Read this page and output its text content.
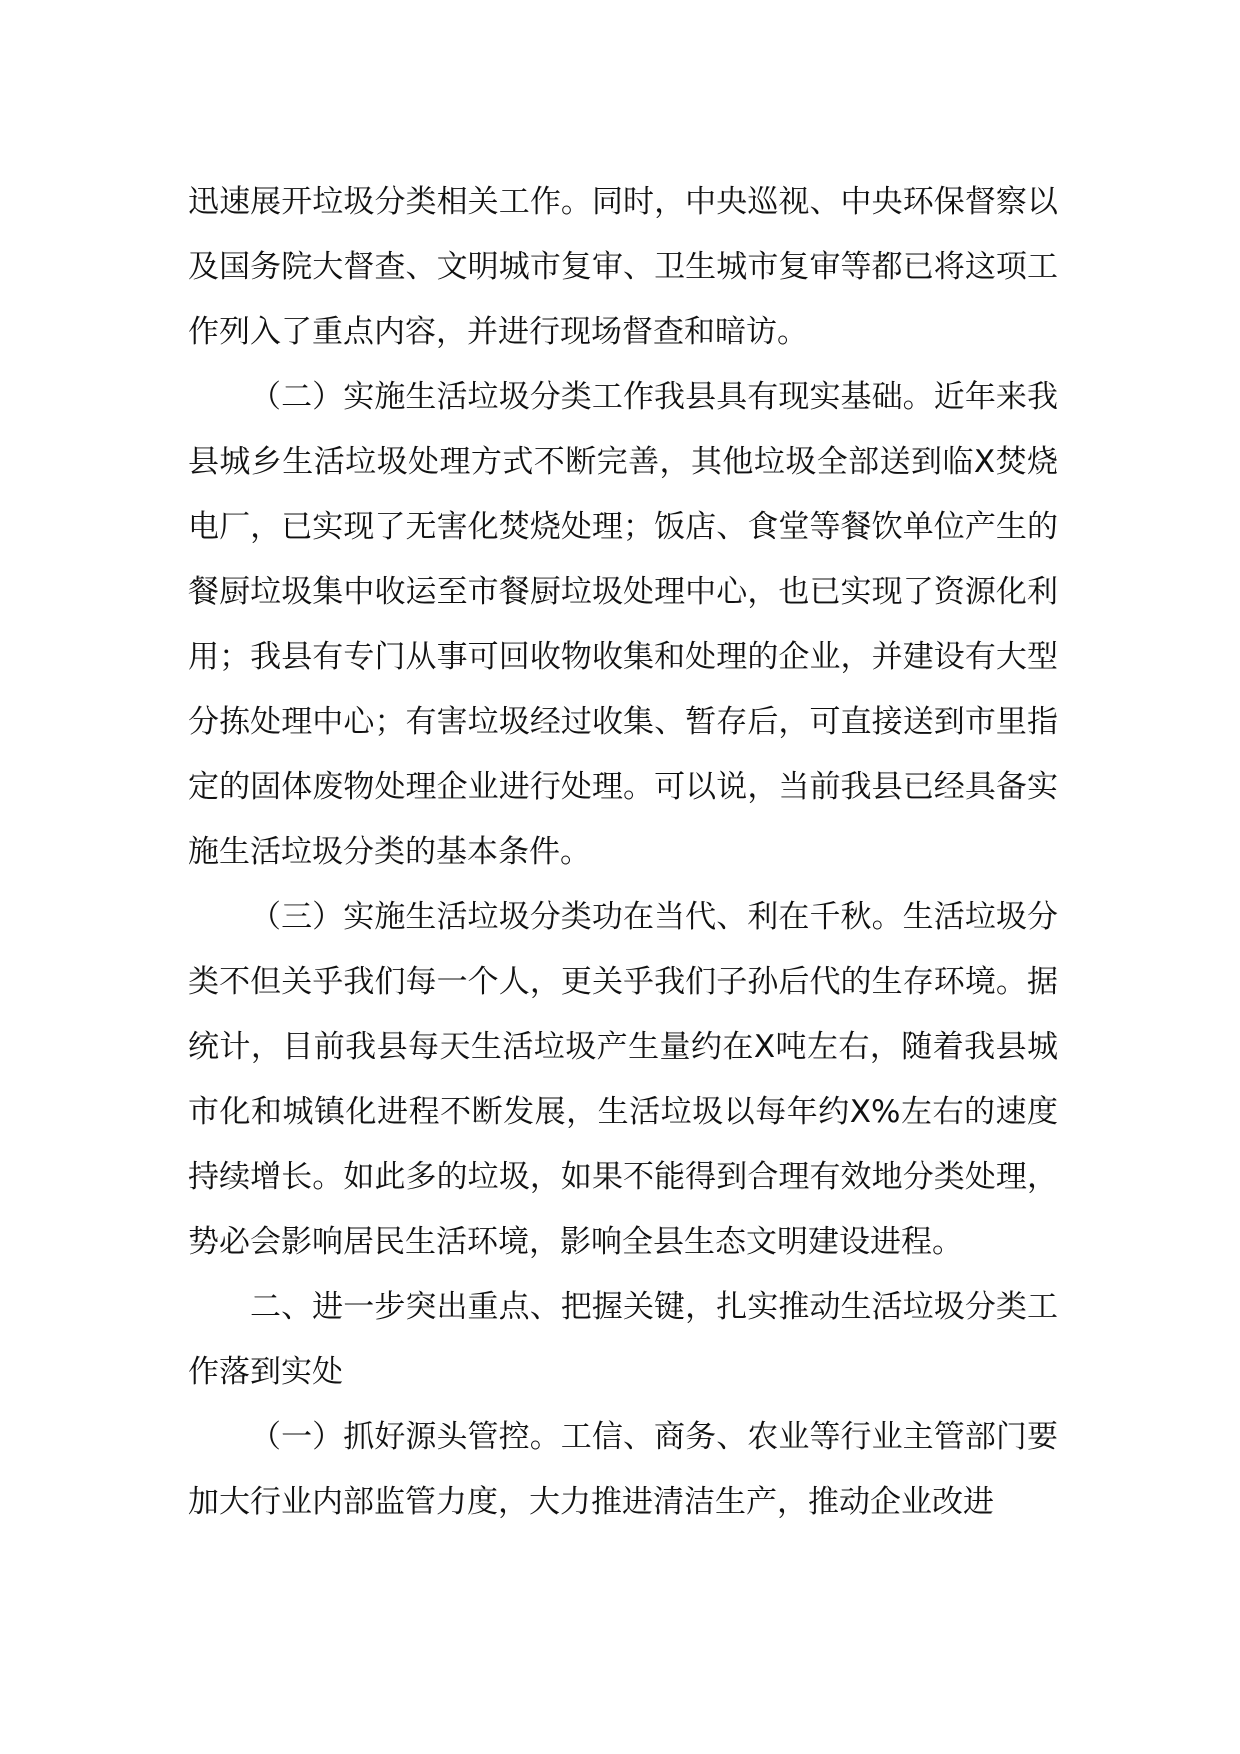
迅速展开垃圾分类相关工作。同时，中央巡视、中央环保督察以及国务院大督查、文明城市复审、卫生城市复审等都已将这项工作列入了重点内容，并进行现场督查和暗访。

（二）实施生活垃圾分类工作我县具有现实基础。近年来我县城乡生活垃圾处理方式不断完善，其他垃圾全部送到临X焚烧电厂，已实现了无害化焚烧处理；饭店、食堂等餐饮单位产生的餐厨垃圾集中收运至市餐厨垃圾处理中心，也已实现了资源化利用；我县有专门从事可回收物收集和处理的企业，并建设有大型分拣处理中心；有害垃圾经过收集、暂存后，可直接送到市里指定的固体废物处理企业进行处理。可以说，当前我县已经具备实施生活垃圾分类的基本条件。

（三）实施生活垃圾分类功在当代、利在千秋。生活垃圾分类不但关乎我们每一个人，更关乎我们子孙后代的生存环境。据统计，目前我县每天生活垃圾产生量约在X吨左右，随着我县城市化和城镇化进程不断发展，生活垃圾以每年约X%左右的速度持续增长。如此多的垃圾，如果不能得到合理有效地分类处理，势必会影响居民生活环境，影响全县生态文明建设进程。

二、进一步突出重点、把握关键，扎实推动生活垃圾分类工作落到实处

（一）抓好源头管控。工信、商务、农业等行业主管部门要加大行业内部监管力度，大力推进清洁生产，推动企业改进
